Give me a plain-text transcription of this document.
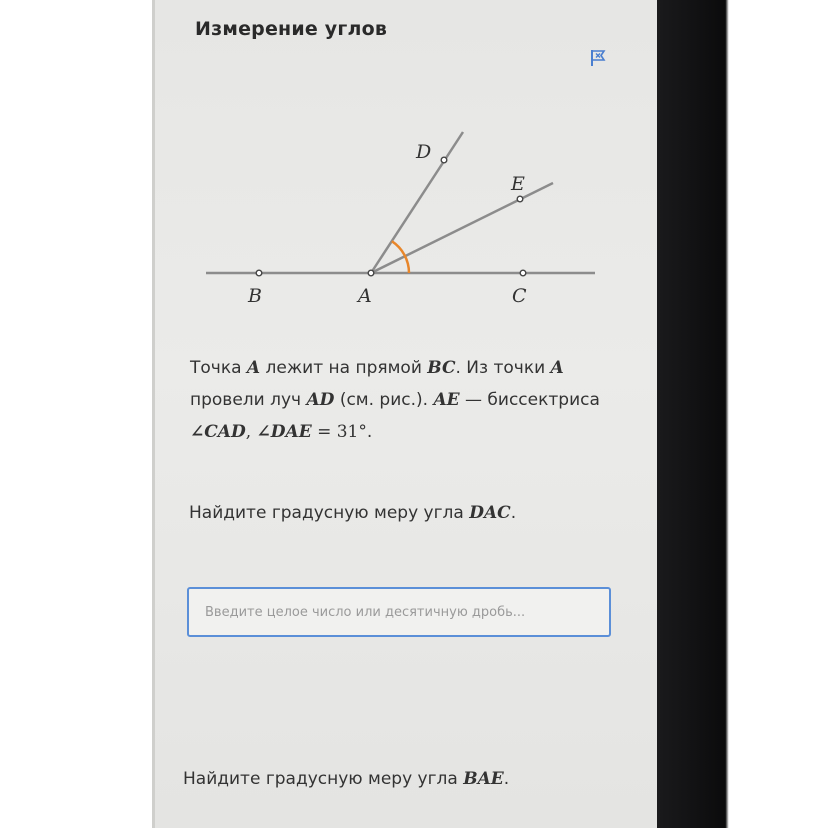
Измерение углов
B	A	C
D
E
Точка A лежит на прямой BC. Из точки A провели луч AD (см. рис.). AE — биссектриса ∠CAD, ∠DAE = 31°.
Найдите градусную меру угла DAC.
Введите целое число или десятичную дробь...
Найдите градусную меру угла BAE.
